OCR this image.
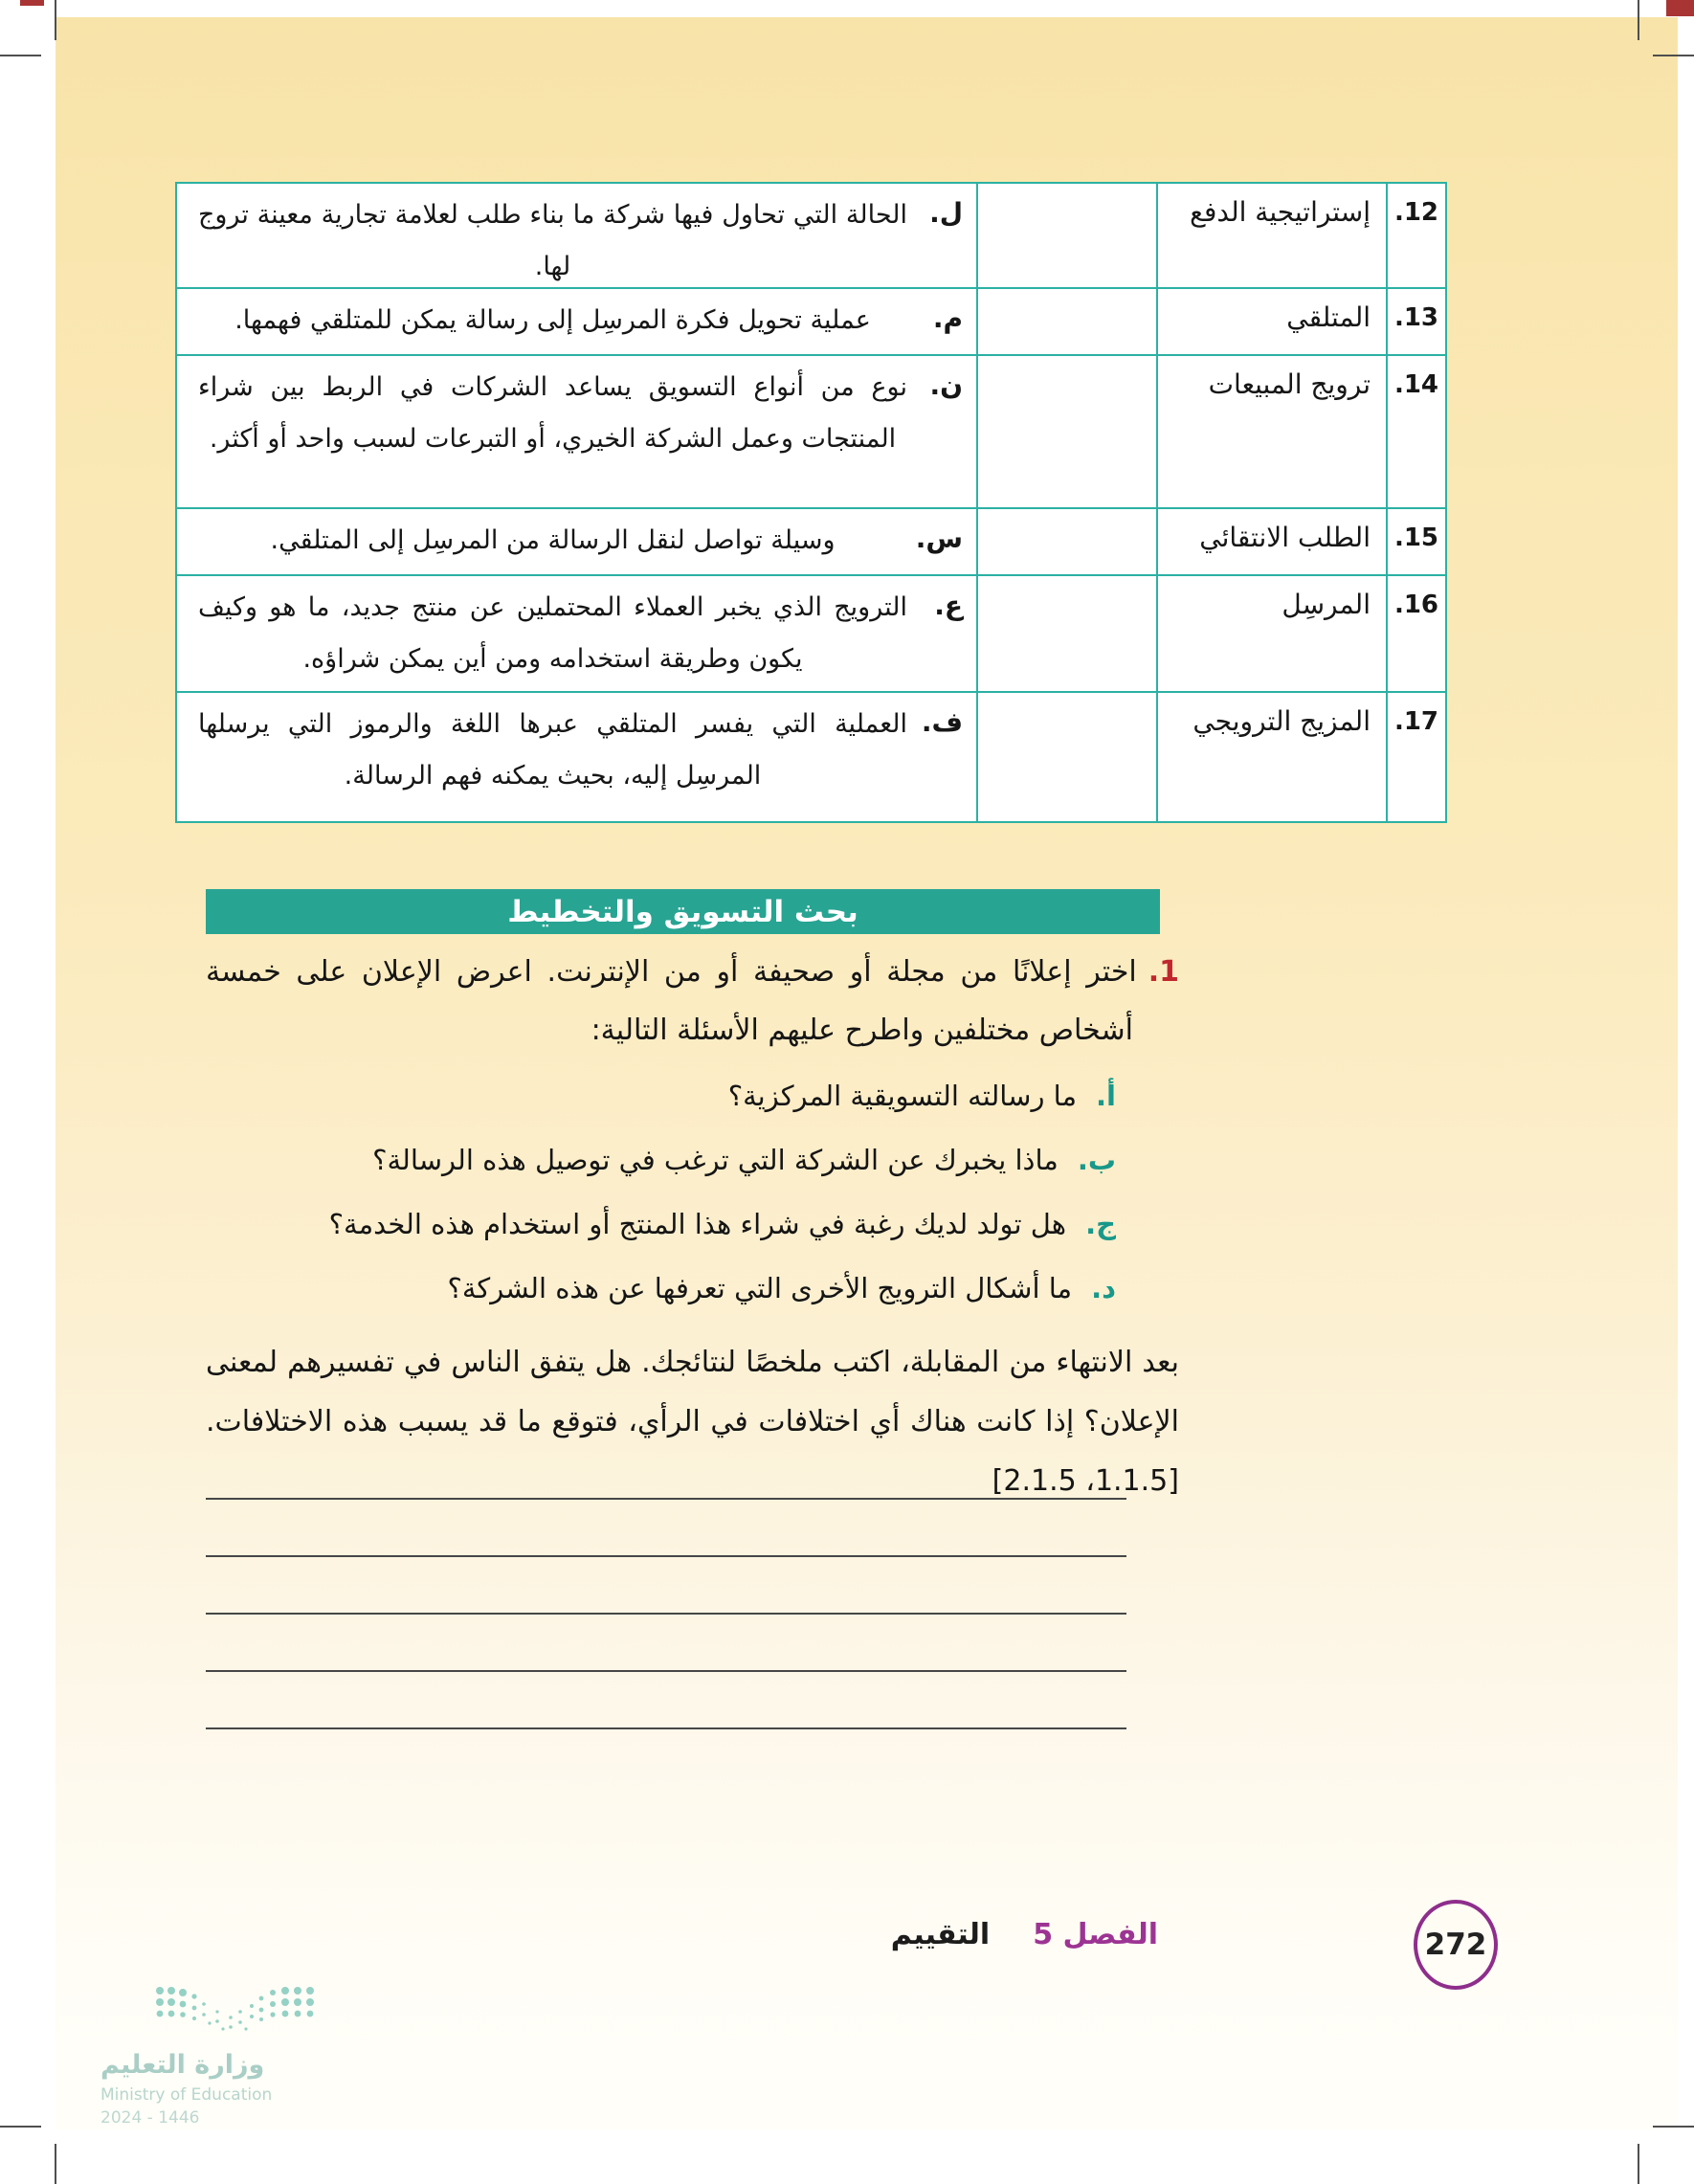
12.
إستراتيجية الدفع
ل.

الحالة التي تحاول فيها شركة ما بناء طلب لعلامة تجارية معينة تروج لها.

13.
المتلقي
م.

عملية تحويل فكرة المرسِل إلى رسالة يمكن للمتلقي فهمها.

14.
ترويج المبيعات
ن.

نوع من أنواع التسويق يساعد الشركات في الربط بين شراء المنتجات وعمل الشركة الخيري، أو التبرعات لسبب واحد أو أكثر.

15.
الطلب الانتقائي
س.

وسيلة تواصل لنقل الرسالة من المرسِل إلى المتلقي.

16.
المرسِل
ع.

الترويج الذي يخبر العملاء المحتملين عن منتج جديد، ما هو وكيف يكون وطريقة استخدامه ومن أين يمكن شراؤه.

17.
المزيج الترويجي
ف.

العملية التي يفسر المتلقي عبرها اللغة والرموز التي يرسلها المرسِل إليه، بحيث يمكنه فهم الرسالة.

بحث التسويق والتخطيط

1.اختر إعلانًا من مجلة أو صحيفة أو من الإنترنت. اعرض الإعلان على خمسة أشخاص مختلفين واطرح عليهم الأسئلة التالية:

أ.ما رسالته التسويقية المركزية؟
ب.ماذا يخبرك عن الشركة التي ترغب في توصيل هذه الرسالة؟
ج.هل تولد لديك رغبة في شراء هذا المنتج أو استخدام هذه الخدمة؟
د.ما أشكال الترويج الأخرى التي تعرفها عن هذه الشركة؟

بعد الانتهاء من المقابلة، اكتب ملخصًا لنتائجك. هل يتفق الناس في تفسيرهم لمعنى الإعلان؟ إذا كانت هناك أي اختلافات في الرأي، فتوقع ما قد يسبب هذه الاختلافات. [1.1.5، 2.1.5]

الفصل 5التقييم	272
وزارة التعليم
Ministry of Education
2024 - 1446
